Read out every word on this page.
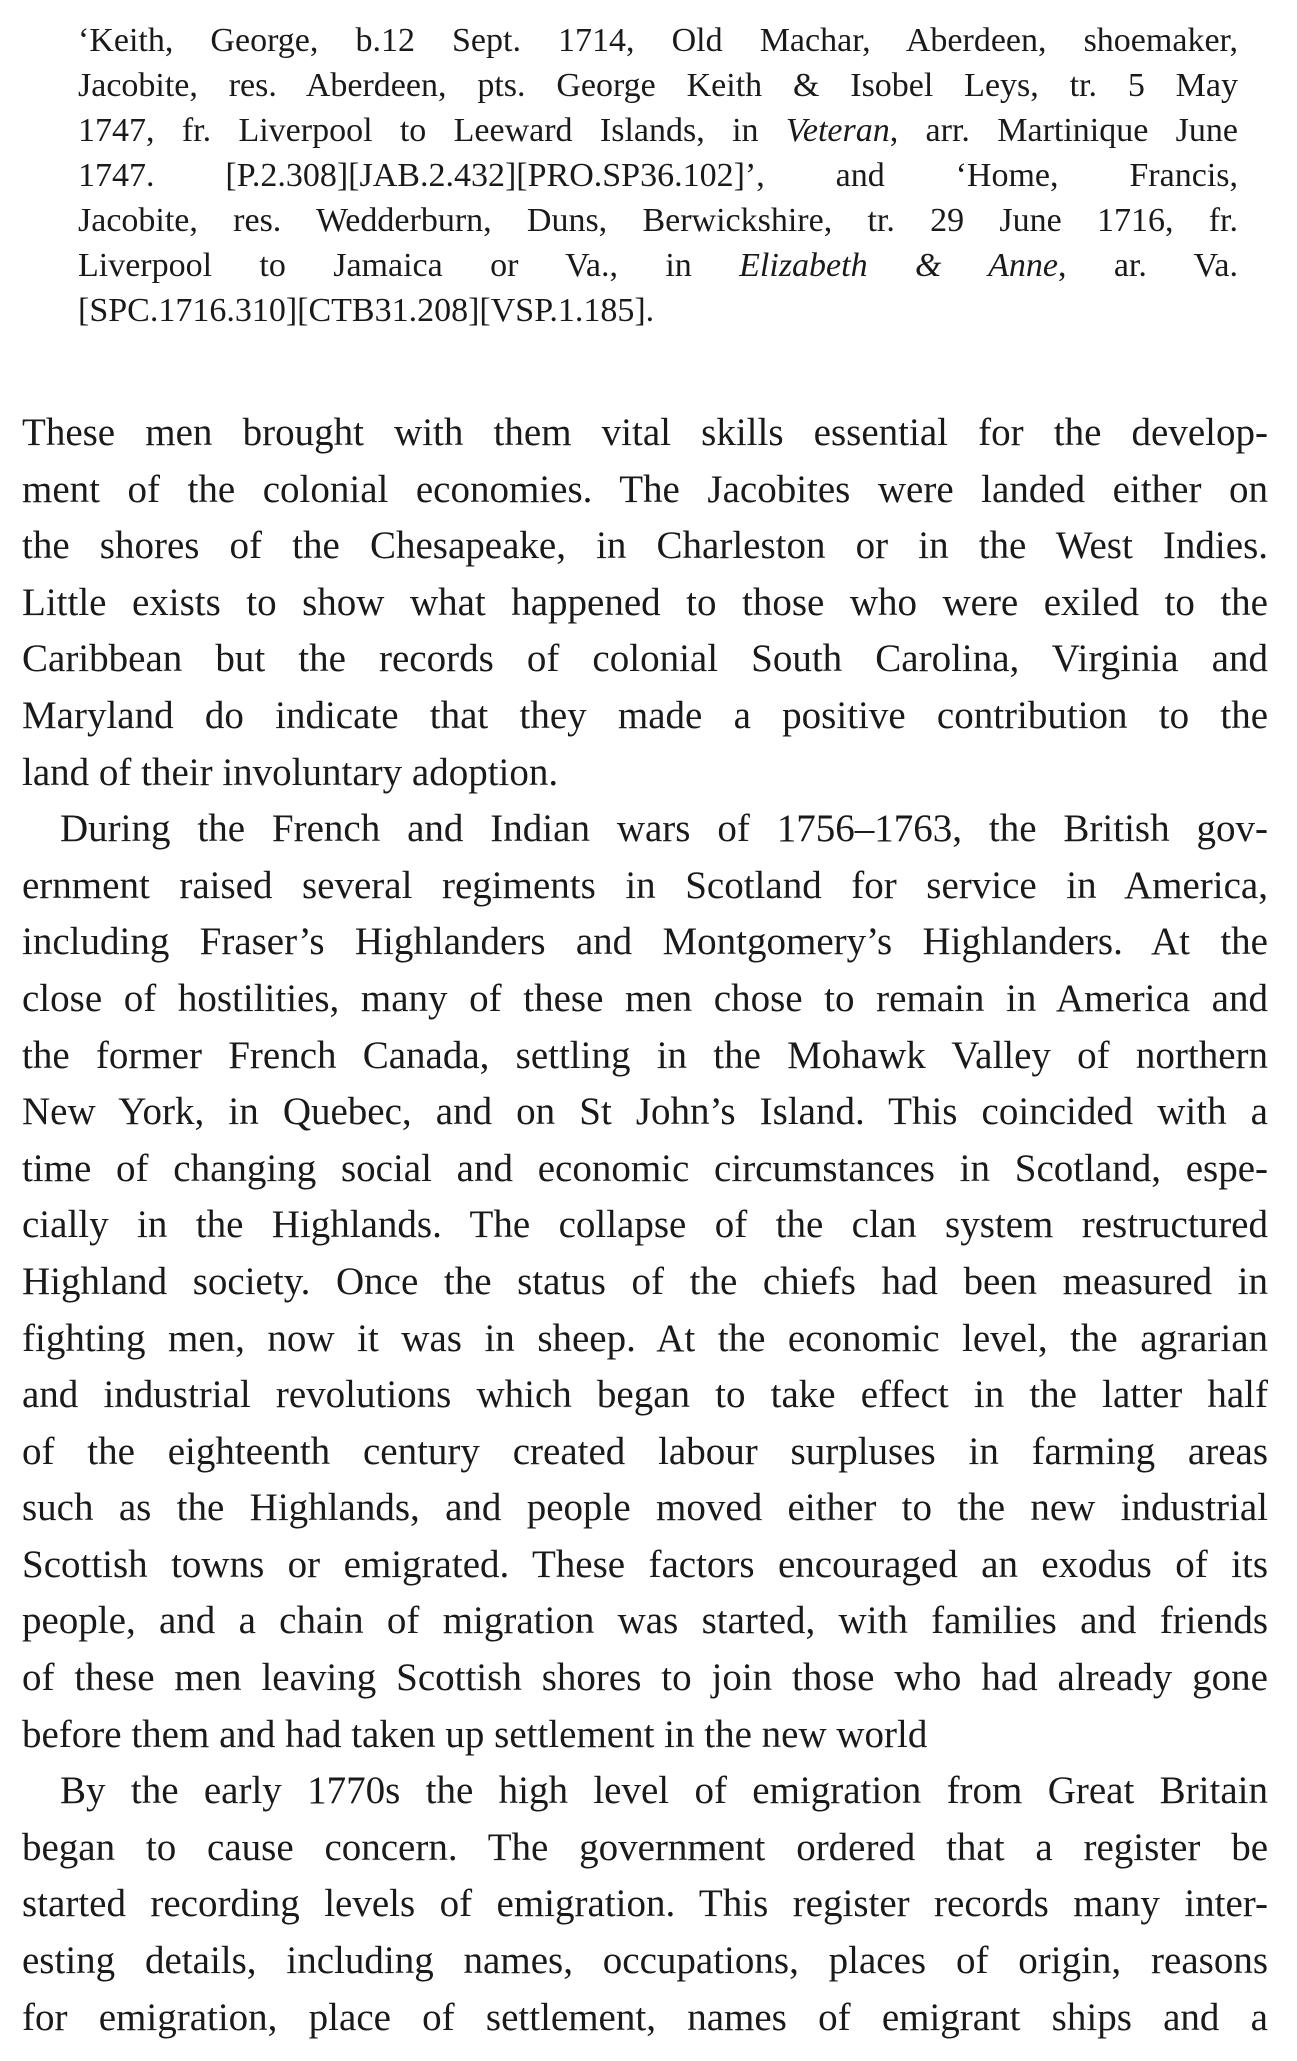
‘Keith, George, b.12 Sept. 1714, Old Machar, Aberdeen, shoemaker,
Jacobite, res. Aberdeen, pts. George Keith & Isobel Leys, tr. 5 May
1747, fr. Liverpool to Leeward Islands, in Veteran, arr. Martinique June
1747. [P.2.308][JAB.2.432][PRO.SP36.102]’, and ‘Home, Francis,
Jacobite, res. Wedderburn, Duns, Berwickshire, tr. 29 June 1716, fr.
Liverpool to Jamaica or Va., in Elizabeth & Anne, ar. Va.
[SPC.1716.310][CTB31.208][VSP.1.185].
These men brought with them vital skills essential for the develop-
ment of the colonial economies. The Jacobites were landed either on
the shores of the Chesapeake, in Charleston or in the West Indies.
Little exists to show what happened to those who were exiled to the
Caribbean but the records of colonial South Carolina, Virginia and
Maryland do indicate that they made a positive contribution to the
land of their involuntary adoption.
During the French and Indian wars of 1756–1763, the British gov-
ernment raised several regiments in Scotland for service in America,
including Fraser’s Highlanders and Montgomery’s Highlanders. At the
close of hostilities, many of these men chose to remain in America and
the former French Canada, settling in the Mohawk Valley of northern
New York, in Quebec, and on St John’s Island. This coincided with a
time of changing social and economic circumstances in Scotland, espe-
cially in the Highlands. The collapse of the clan system restructured
Highland society. Once the status of the chiefs had been measured in
fighting men, now it was in sheep. At the economic level, the agrarian
and industrial revolutions which began to take effect in the latter half
of the eighteenth century created labour surpluses in farming areas
such as the Highlands, and people moved either to the new industrial
Scottish towns or emigrated. These factors encouraged an exodus of its
people, and a chain of migration was started, with families and friends
of these men leaving Scottish shores to join those who had already gone
before them and had taken up settlement in the new world
By the early 1770s the high level of emigration from Great Britain
began to cause concern. The government ordered that a register be
started recording levels of emigration. This register records many inter-
esting details, including names, occupations, places of origin, reasons
for emigration, place of settlement, names of emigrant ships and a
